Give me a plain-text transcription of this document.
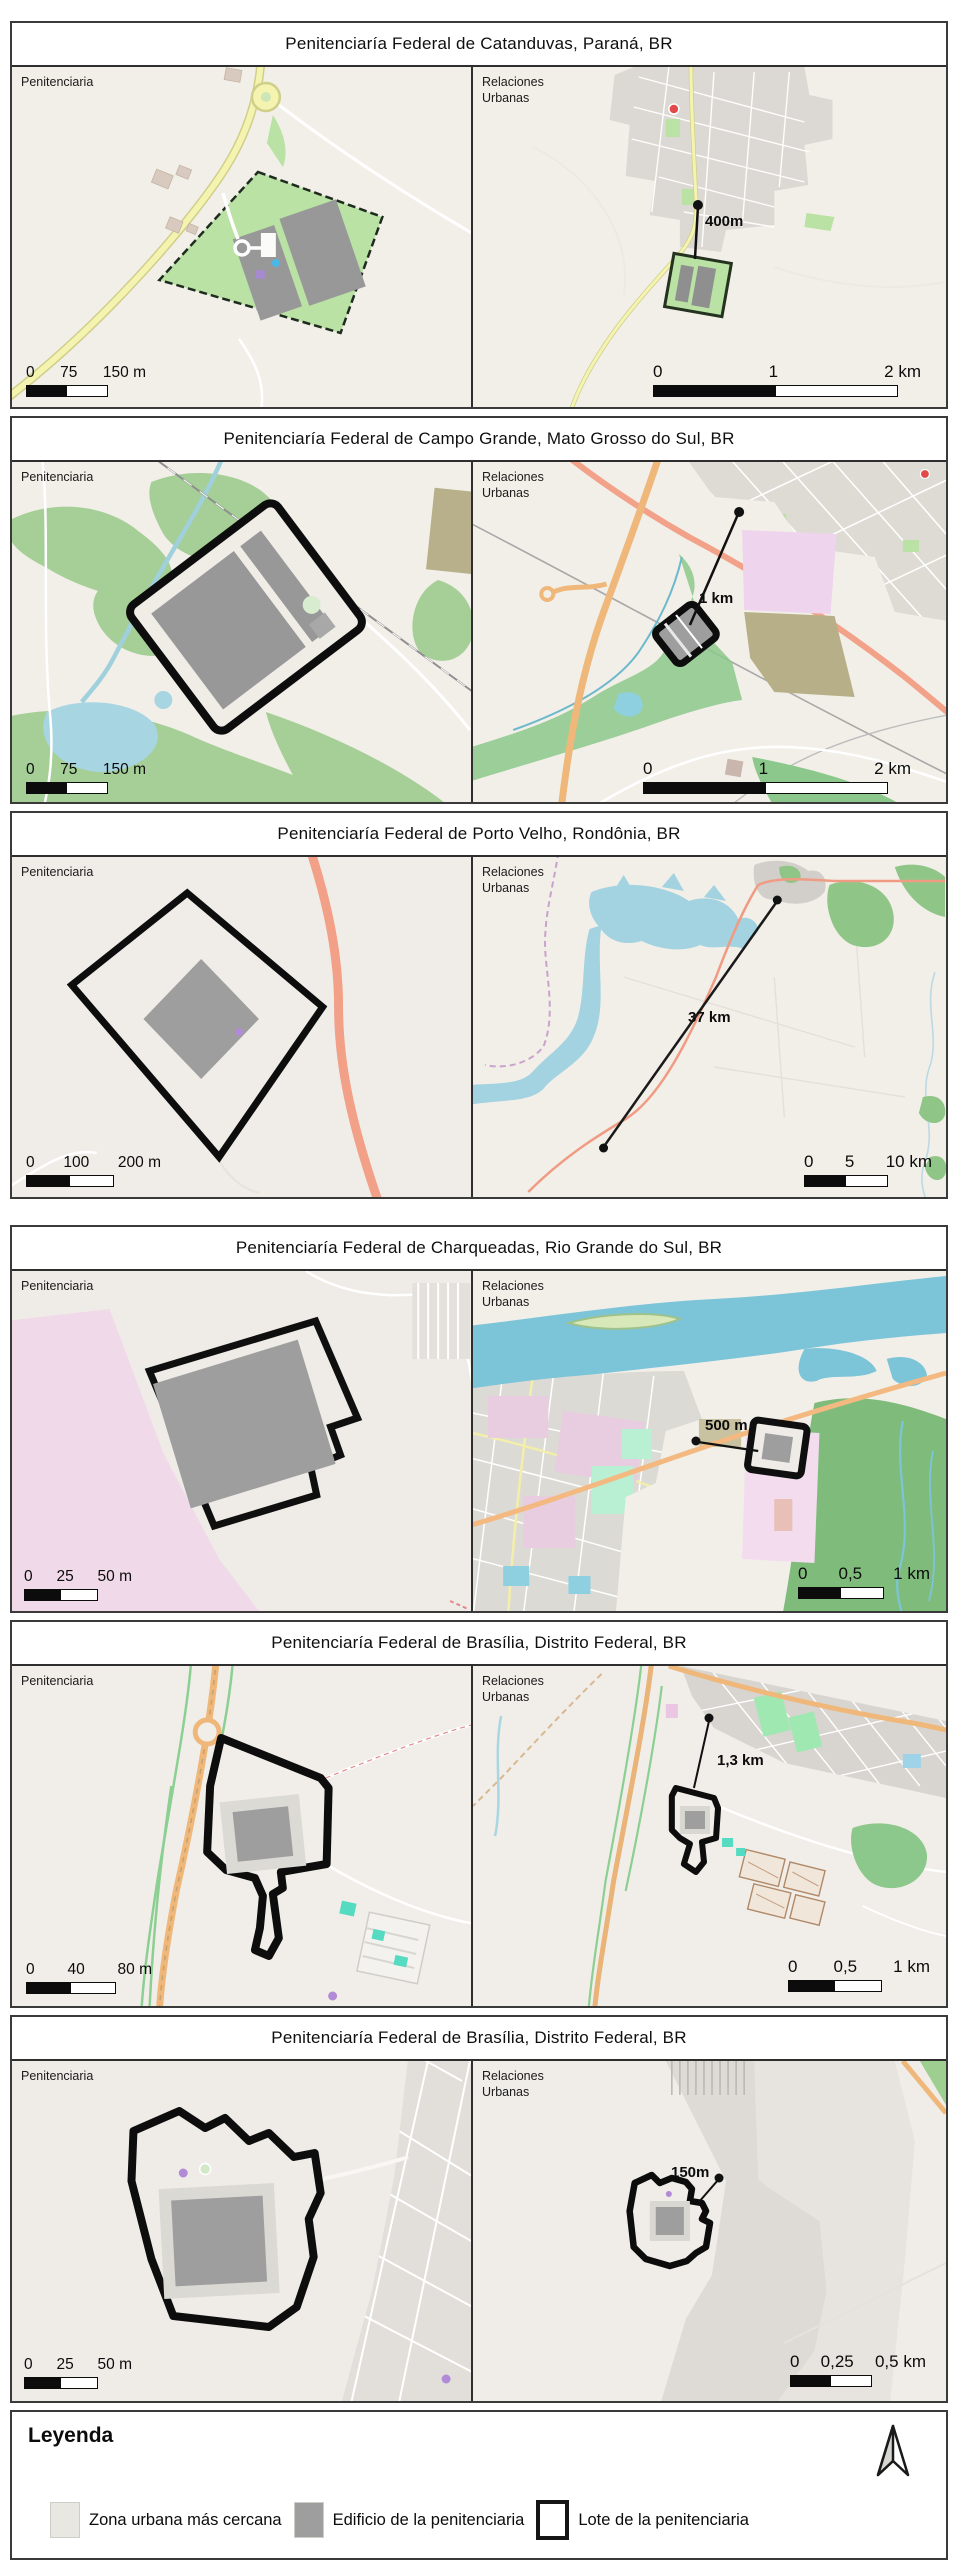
Penitenciaría Federal de Catanduvas, Paraná, BR
Penitenciaria
0 75 150 m
Relaciones Urbanas
400m
0	1	2 km
Penitenciaría Federal de Campo Grande, Mato Grosso do Sul, BR
Penitenciaria
0 75 150 m
Relaciones Urbanas
1 km
0	1	2 km
Penitenciaría Federal de Porto Velho, Rondônia, BR
Penitenciaria
0 100 200 m
Relaciones Urbanas
37 km
0 5 10 km
Penitenciaría Federal de Charqueadas, Rio Grande do Sul, BR
Penitenciaria
0 25 50 m
Relaciones Urbanas
500 m
0 0,5 1 km
Penitenciaría Federal de Brasília, Distrito Federal, BR
Penitenciaria
0 40 80 m
Relaciones Urbanas
1,3 km
0 0,5 1 km
Penitenciaría Federal de Brasília, Distrito Federal, BR
Penitenciaria
0 25 50 m
Relaciones Urbanas
150m
0 0,25 0,5 km
Leyenda
Zona urbana más cercana	Edificio de la penitenciaria	Lote de la penitenciaria
